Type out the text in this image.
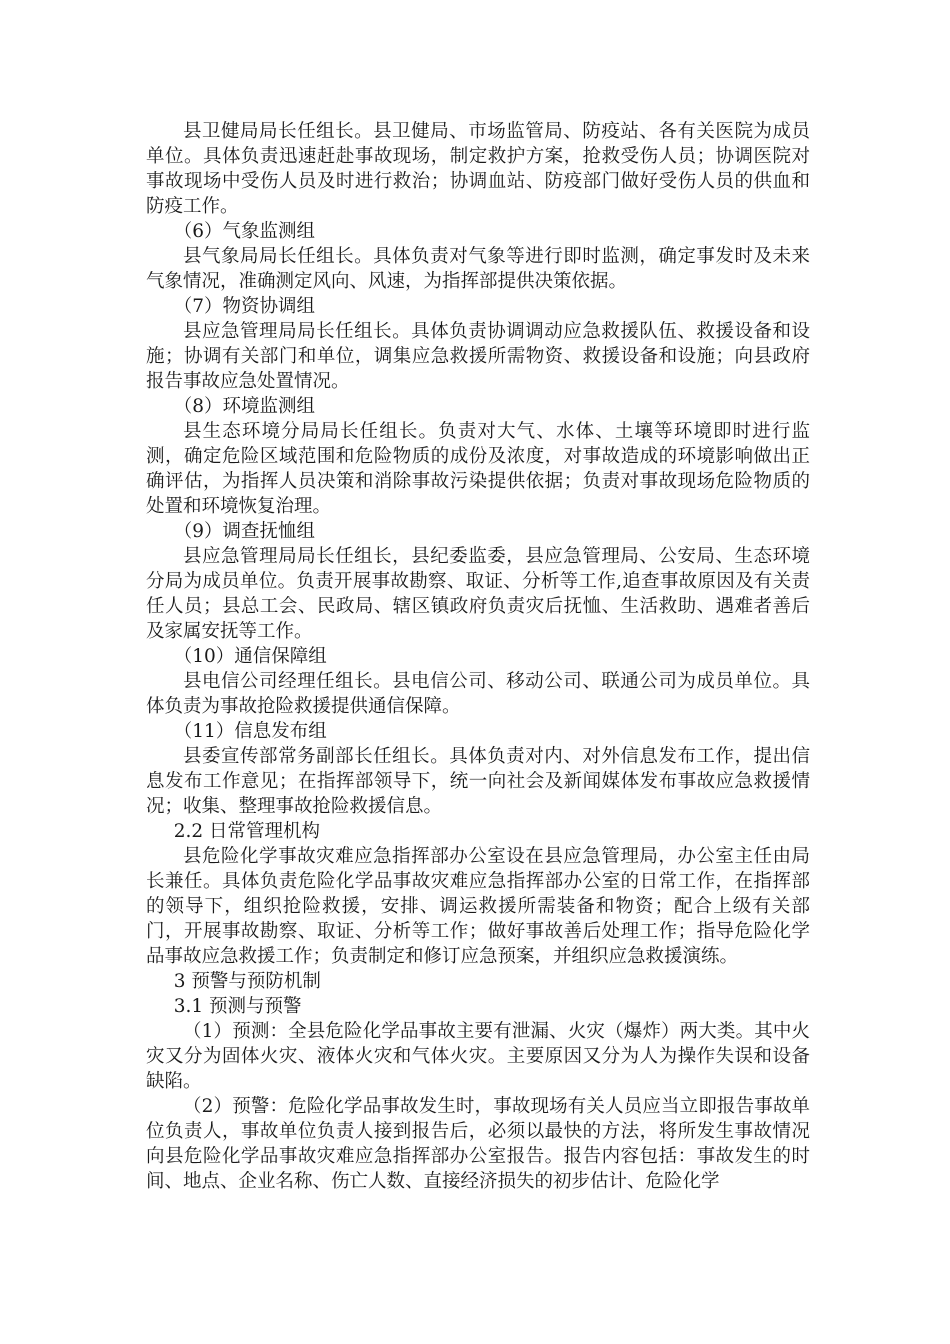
县卫健局局长任组长。县卫健局、市场监管局、防疫站、各有关医院为成员单位。具体负责迅速赶赴事故现场，制定救护方案，抢救受伤人员；协调医院对事故现场中受伤人员及时进行救治；协调血站、防疫部门做好受伤人员的供血和防疫工作。

（6）气象监测组

县气象局局长任组长。具体负责对气象等进行即时监测，确定事发时及未来气象情况，准确测定风向、风速，为指挥部提供决策依据。

（7）物资协调组

县应急管理局局长任组长。具体负责协调调动应急救援队伍、救援设备和设施；协调有关部门和单位，调集应急救援所需物资、救援设备和设施；向县政府报告事故应急处置情况。

（8）环境监测组

县生态环境分局局长任组长。负责对大气、水体、土壤等环境即时进行监测，确定危险区域范围和危险物质的成份及浓度，对事故造成的环境影响做出正确评估，为指挥人员决策和消除事故污染提供依据；负责对事故现场危险物质的处置和环境恢复治理。

（9）调查抚恤组

县应急管理局局长任组长，县纪委监委，县应急管理局、公安局、生态环境分局为成员单位。负责开展事故勘察、取证、分析等工作,追查事故原因及有关责任人员；县总工会、民政局、辖区镇政府负责灾后抚恤、生活救助、遇难者善后及家属安抚等工作。

（10）通信保障组

县电信公司经理任组长。县电信公司、移动公司、联通公司为成员单位。具体负责为事故抢险救援提供通信保障。

（11）信息发布组

县委宣传部常务副部长任组长。具体负责对内、对外信息发布工作，提出信息发布工作意见；在指挥部领导下，统一向社会及新闻媒体发布事故应急救援情况；收集、整理事故抢险救援信息。

2.2 日常管理机构

县危险化学事故灾难应急指挥部办公室设在县应急管理局，办公室主任由局长兼任。具体负责危险化学品事故灾难应急指挥部办公室的日常工作，在指挥部的领导下，组织抢险救援，安排、调运救援所需装备和物资；配合上级有关部门，开展事故勘察、取证、分析等工作；做好事故善后处理工作；指导危险化学品事故应急救援工作；负责制定和修订应急预案，并组织应急救援演练。

3 预警与预防机制

3.1 预测与预警

（1）预测：全县危险化学品事故主要有泄漏、火灾（爆炸）两大类。其中火灾又分为固体火灾、液体火灾和气体火灾。主要原因又分为人为操作失误和设备缺陷。

（2）预警：危险化学品事故发生时，事故现场有关人员应当立即报告事故单位负责人，事故单位负责人接到报告后，必须以最快的方法，将所发生事故情况向县危险化学品事故灾难应急指挥部办公室报告。报告内容包括：事故发生的时间、地点、企业名称、伤亡人数、直接经济损失的初步估计、危险化学
